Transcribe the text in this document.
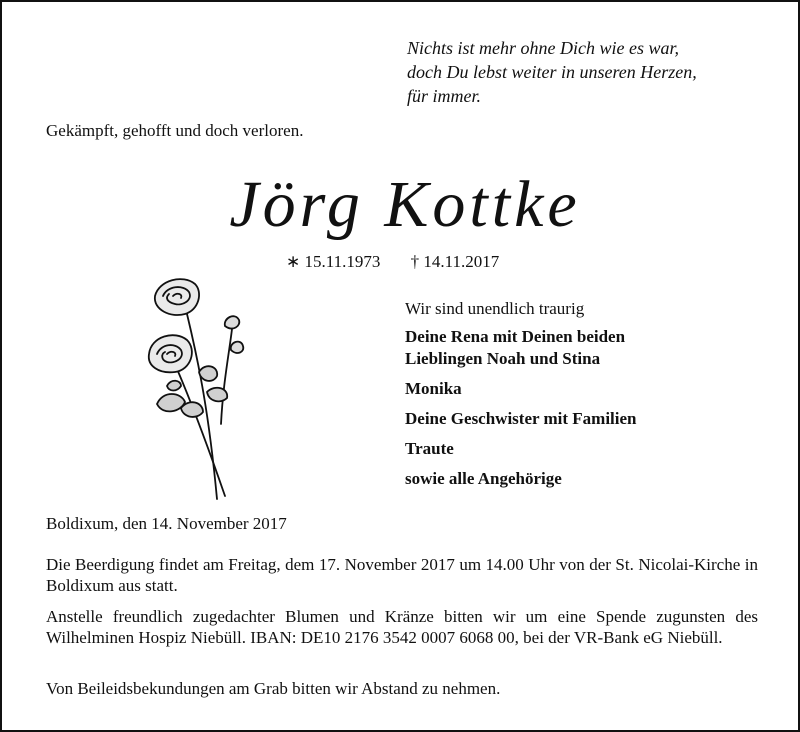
Nichts ist mehr ohne Dich wie es war,
doch Du lebst weiter in unseren Herzen,
für immer.
Gekämpft, gehofft und doch verloren.
Jörg Kottke
∗ 15.11.1973 † 14.11.2017
Wir sind unendlich traurig
Deine Rena mit Deinen beiden
Lieblingen Noah und Stina
Monika
Deine Geschwister mit Familien
Traute
sowie alle Angehörige
Boldixum, den 14. November 2017
Die Beerdigung findet am Freitag, dem 17. November 2017 um 14.00 Uhr von der St. Nicolai-Kirche in Boldixum aus statt.
Anstelle freundlich zugedachter Blumen und Kränze bitten wir um eine Spende zugunsten des Wilhelminen Hospiz Niebüll. IBAN: DE10 2176 3542 0007 6068 00, bei der VR-Bank eG Niebüll.
Von Beileidsbekundungen am Grab bitten wir Abstand zu nehmen.
